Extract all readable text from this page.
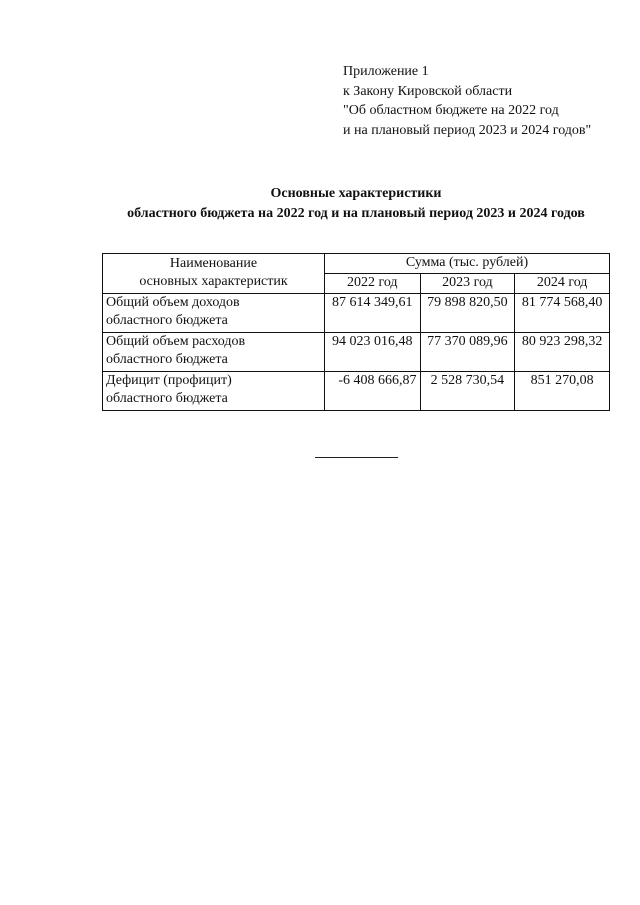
Приложение 1
к Закону Кировской области
"Об областном бюджете на 2022 год
и на плановый период 2023 и 2024 годов"
Основные характеристики
областного бюджета на 2022 год и на плановый период 2023 и 2024 годов
Наименование
основных характеристик	Сумма (тыс. рублей)		
	2022 год	2023 год	2024 год

Общий объем доходов
областного бюджета	87 614 349,61	79 898 820,50	81 774 568,40

Общий объем расходов
областного бюджета	94 023 016,48	77 370 089,96	80 923 298,32

Дефицит (профицит)
областного бюджета	-6 408 666,87	2 528 730,54	851 270,08
